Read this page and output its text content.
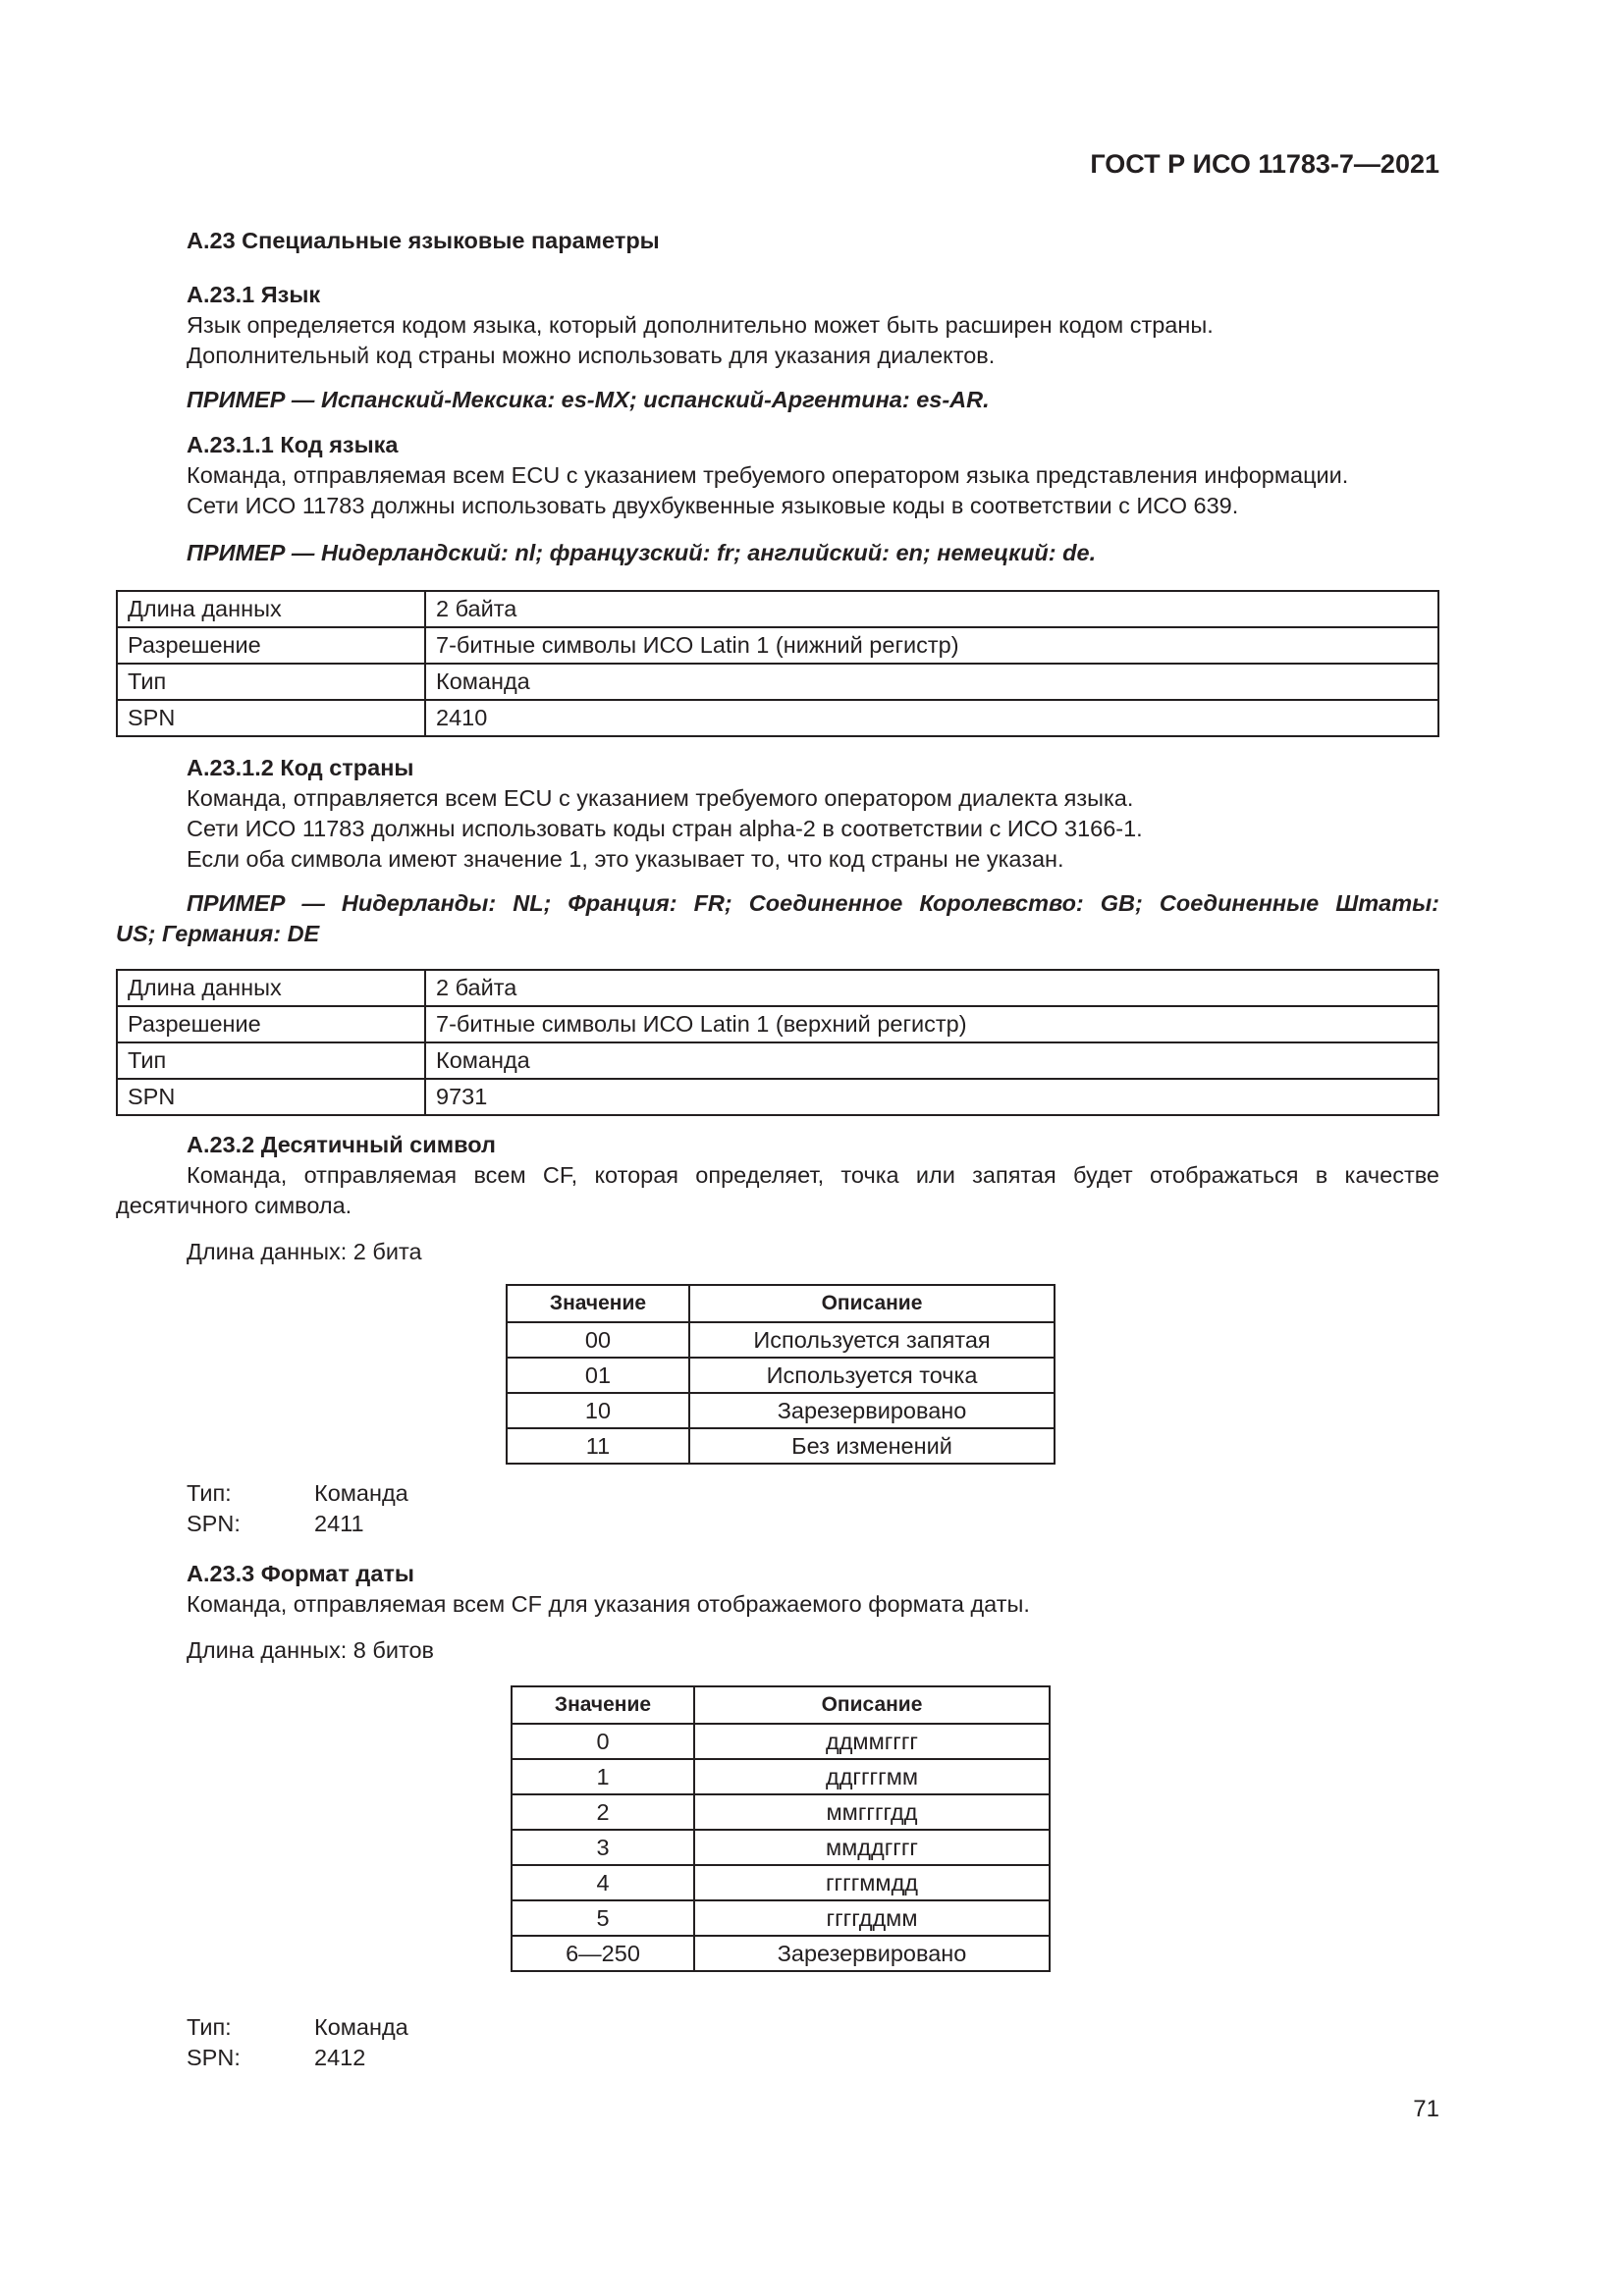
ГОСТ Р ИСО 11783-7—2021
А.23 Специальные языковые параметры
А.23.1 Язык
Язык определяется кодом языка, который дополнительно может быть расширен кодом страны.
Дополнительный код страны можно использовать для указания диалектов.
ПРИМЕР — Испанский-Мексика: es-MX; испанский-Аргентина: es-AR.
А.23.1.1 Код языка
Команда, отправляемая всем ECU с указанием требуемого оператором языка представления информации.
Сети ИСО 11783 должны использовать двухбуквенные языковые коды в соответствии с ИСО 639.
ПРИМЕР — Нидерландский: nl; французский: fr; английский: en; немецкий: de.
Длина данных	2 байта
Разрешение	7-битные символы ИСО Latin 1 (нижний регистр)
Тип	Команда
SPN	2410
А.23.1.2 Код страны
Команда, отправляется всем ECU с указанием требуемого оператором диалекта языка.
Сети ИСО 11783 должны использовать коды стран alpha-2 в соответствии с ИСО 3166-1.
Если оба символа имеют значение 1, это указывает то, что код страны не указан.
ПРИМЕР — Нидерланды: NL; Франция: FR; Соединенное Королевство: GB; Соединенные Штаты:
US; Германия: DE
Длина данных	2 байта
Разрешение	7-битные символы ИСО Latin 1 (верхний регистр)
Тип	Команда
SPN	9731
А.23.2 Десятичный символ
Команда, отправляемая всем CF, которая определяет, точка или запятая будет отображаться в качестве
десятичного символа.
Длина данных: 2 бита
Значение	Описание
00	Используется запятая
01	Используется точка
10	Зарезервировано
11	Без изменений
Тип:	Команда
SPN:	2411
А.23.3 Формат даты
Команда, отправляемая всем CF для указания отображаемого формата даты.
Длина данных: 8 битов
Значение	Описание
0	ддммгггг
1	ддггггмм
2	ммггггдд
3	ммддгггг
4	ггггммдд
5	ггггддмм
6—250	Зарезервировано
Тип:	Команда
SPN:	2412
71
